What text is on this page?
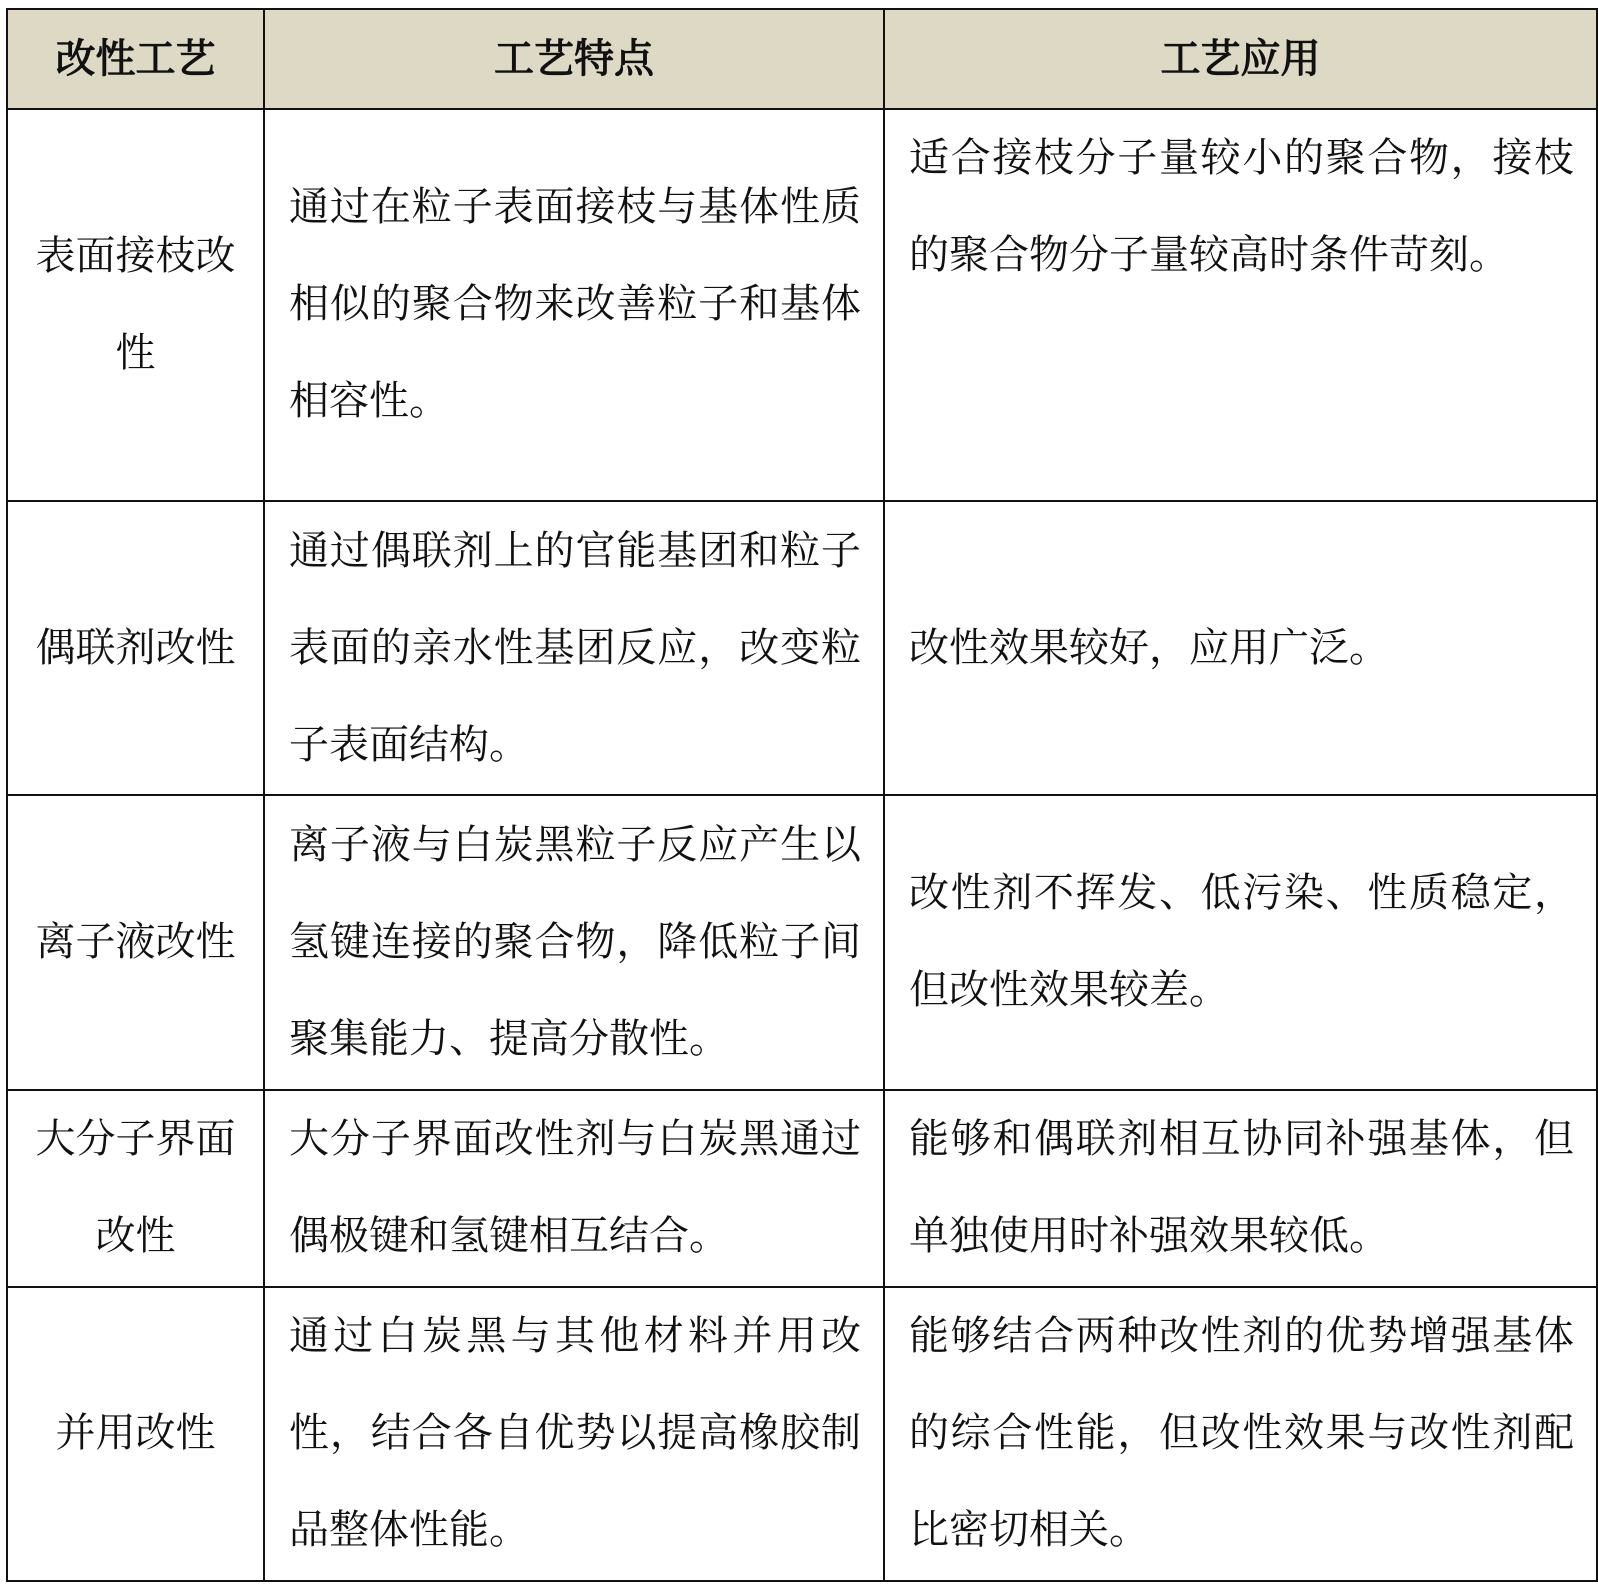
改性工艺	工艺特点	工艺应用
表面接枝改性	通过在粒子表面接枝与基体性质相似的聚合物来改善粒子和基体相容性。	适合接枝分子量较小的聚合物，接枝的聚合物分子量较高时条件苛刻。
偶联剂改性	通过偶联剂上的官能基团和粒子表面的亲水性基团反应，改变粒子表面结构。	改性效果较好，应用广泛。
离子液改性	离子液与白炭黑粒子反应产生以氢键连接的聚合物，降低粒子间聚集能力、提高分散性。	改性剂不挥发、低污染、性质稳定，但改性效果较差。
大分子界面改性	大分子界面改性剂与白炭黑通过偶极键和氢键相互结合。	能够和偶联剂相互协同补强基体，但单独使用时补强效果较低。
并用改性	通过白炭黑与其他材料并用改性，结合各自优势以提高橡胶制品整体性能。	能够结合两种改性剂的优势增强基体的综合性能，但改性效果与改性剂配比密切相关。
